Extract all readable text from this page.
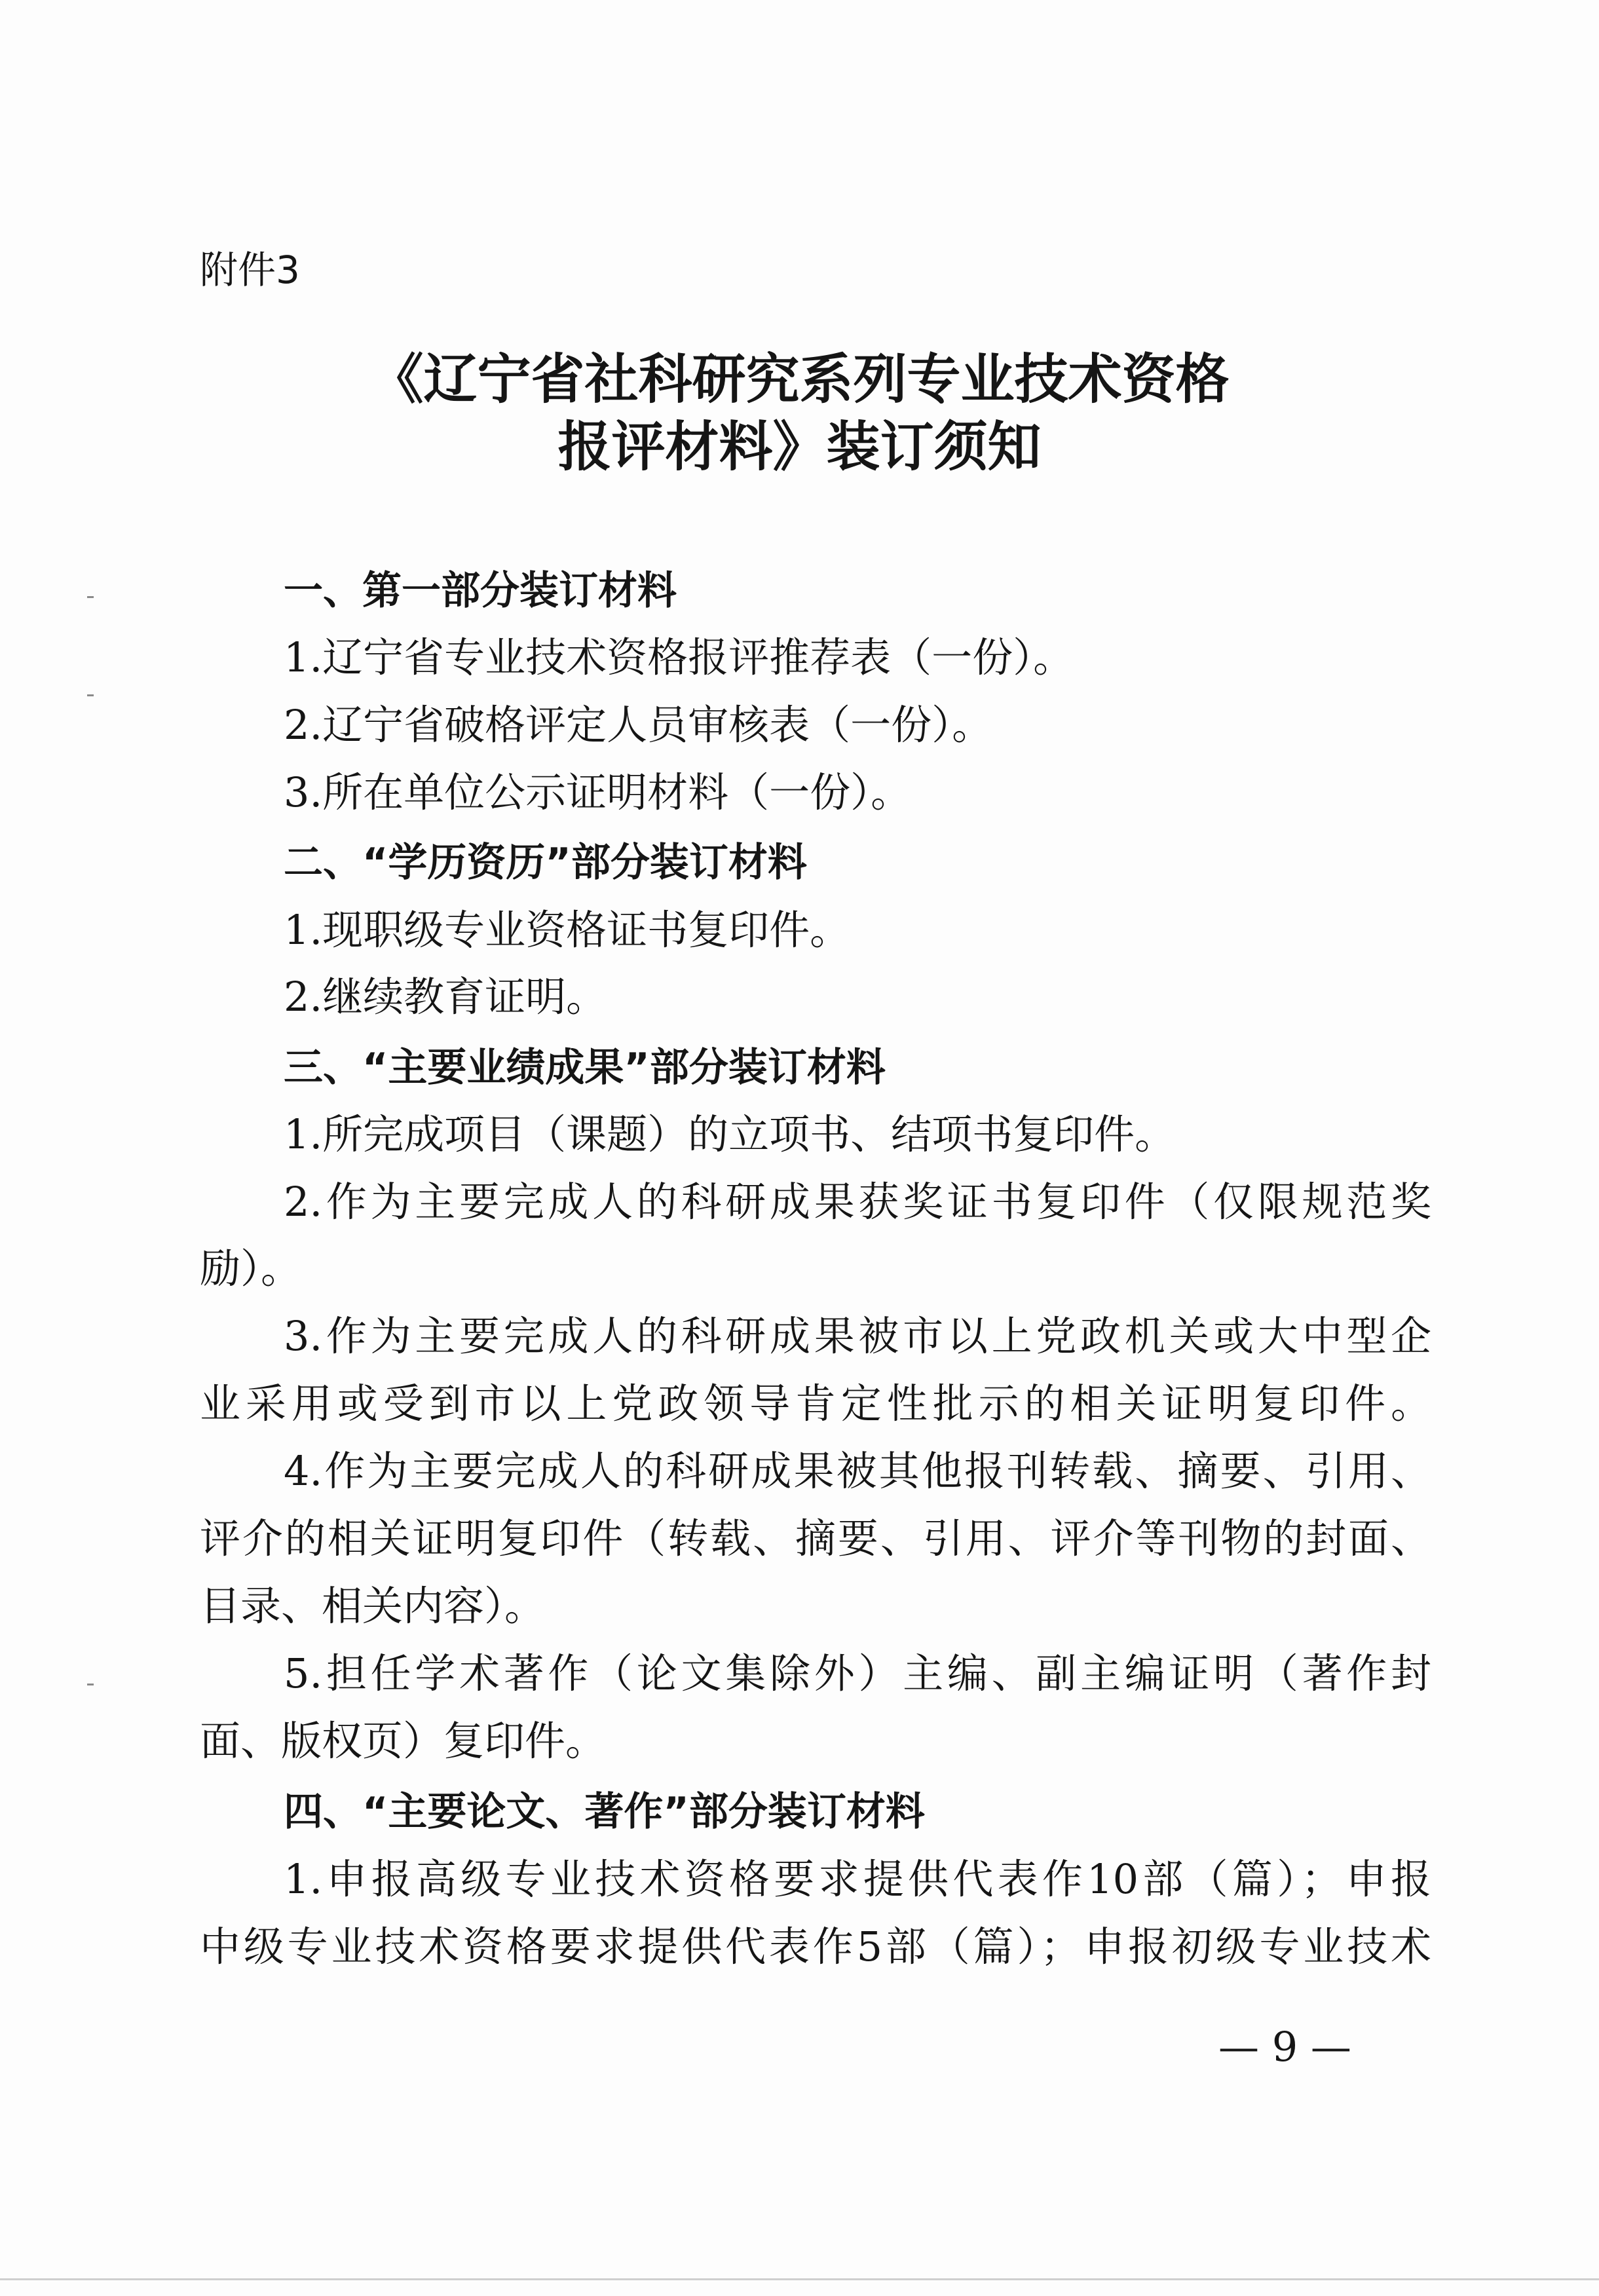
附件3
《辽宁省社科研究系列专业技术资格
报评材料》装订须知
一、第一部分装订材料
1.辽宁省专业技术资格报评推荐表（一份）。
2.辽宁省破格评定人员审核表（一份）。
3.所在单位公示证明材料（一份）。
二、“学历资历”部分装订材料
1.现职级专业资格证书复印件。
2.继续教育证明。
三、“主要业绩成果”部分装订材料
1.所完成项目（课题）的立项书、结项书复印件。
2.作为主要完成人的科研成果获奖证书复印件（仅限规范奖
励）。
3.作为主要完成人的科研成果被市以上党政机关或大中型企
业采用或受到市以上党政领导肯定性批示的相关证明复印件。
4.作为主要完成人的科研成果被其他报刊转载、摘要、引用、
评介的相关证明复印件（转载、摘要、引用、评介等刊物的封面、
目录、相关内容）。
5.担任学术著作（论文集除外）主编、副主编证明（著作封
面、版权页）复印件。
四、“主要论文、著作”部分装订材料
1.申报高级专业技术资格要求提供代表作10部（篇）；申报
中级专业技术资格要求提供代表作5部（篇）；申报初级专业技术
— 9 —
